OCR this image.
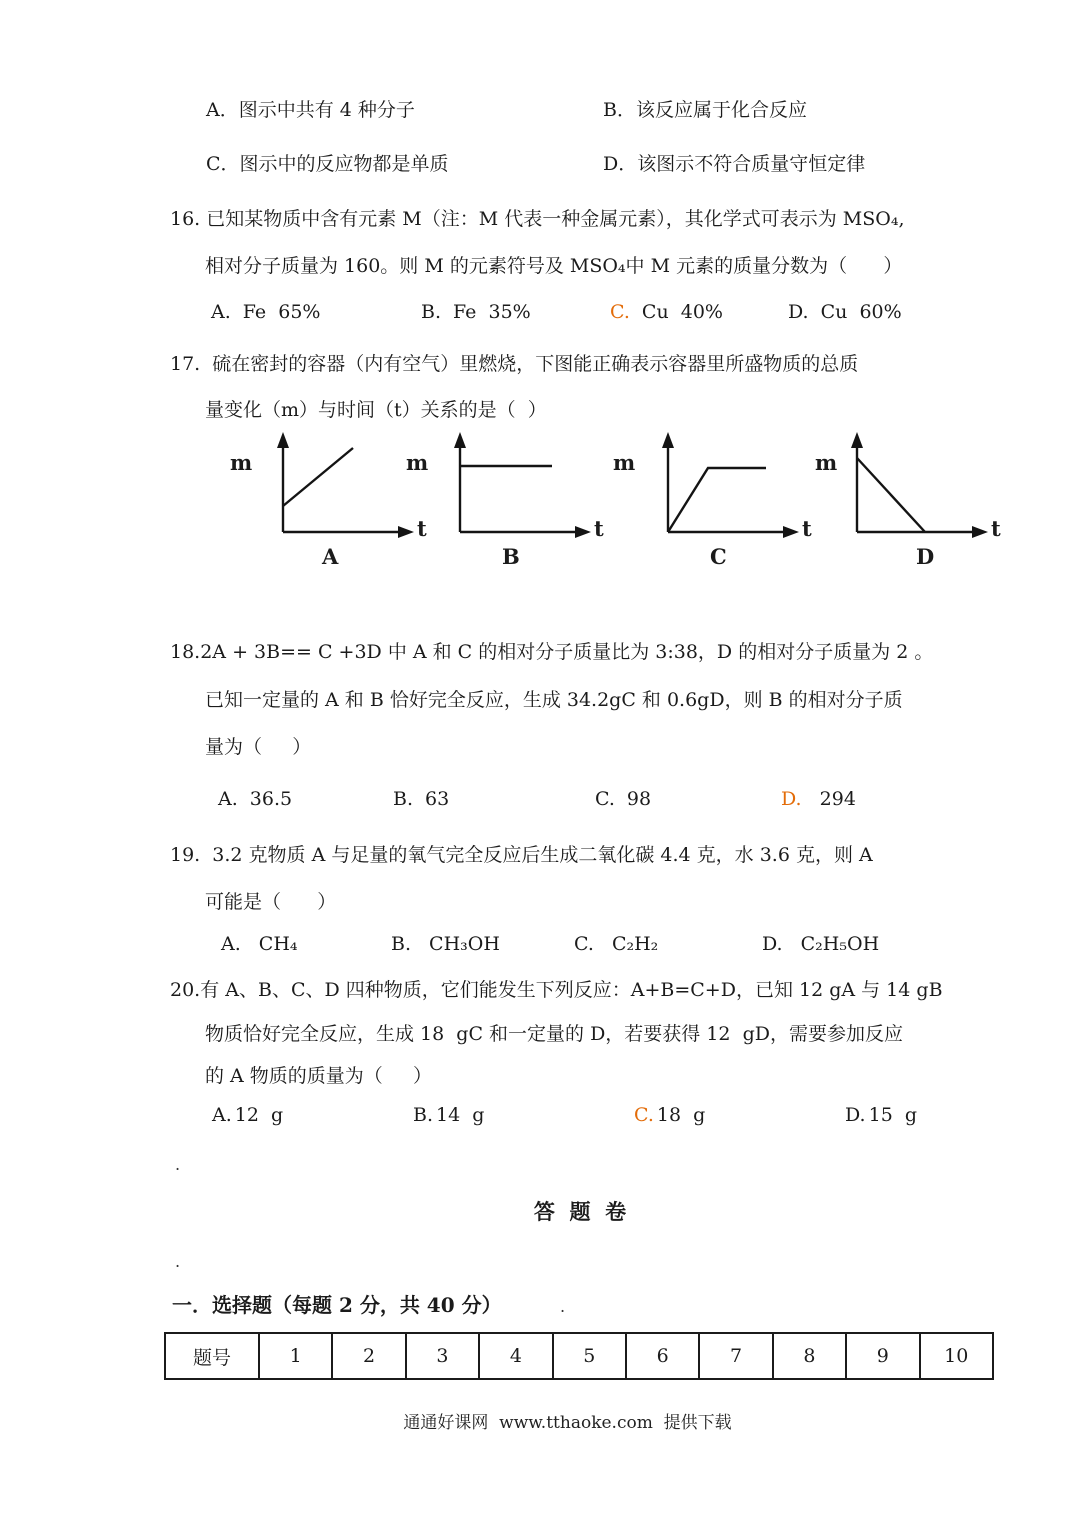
A．图示中共有 4 种分子	B．该反应属于化合反应
C．图示中的反应物都是单质	D．该图示不符合质量守恒定律
16. 已知某物质中含有元素 M（注：M 代表一种金属元素），其化学式可表示为 MSO₄,
相对分子质量为 160。则 M 的元素符号及 MSO₄中 M 元素的质量分数为（      ）
A. Fe  65%	B. Fe  35%	C. Cu  40%	D. Cu  60%
17.  硫在密封的容器（内有空气）里燃烧，下图能正确表示容器里所盛物质的总质
量变化（m）与时间（t）关系的是（  ）
m
t
A
m
t
B
m
t
C
m
t
D
18.2A + 3B== C +3D 中 A 和 C 的相对分子质量比为 3:38，D 的相对分子质量为 2 。
已知一定量的 A 和 B 恰好完全反应，生成 34.2gC 和 0.6gD，则 B 的相对分子质
量为（     ）
A. 36.5	B. 63	C. 98	D. 294
19.  3.2 克物质 A 与足量的氧气完全反应后生成二氧化碳 4.4 克，水 3.6 克，则 A
可能是（      ）
A. CH₄	B. CH₃OH	C. C₂H₂	D. C₂H₅OH
20.有 A、B、C、D 四种物质，它们能发生下列反应：A+B=C+D，已知 12 gA 与 14 gB
物质恰好完全反应，生成 18  gC 和一定量的 D，若要获得 12  gD，需要参加反应
的 A 物质的质量为（     ）
A. 12  g	B. 14  g	C. 18  g	D. 15  g
.
.
答  题  卷
一．选择题（每题 2 分，共 40 分）	.
题号	1	2	3	4	5	6	7	8	9	10
通通好课网  www.tthaoke.com  提供下载
